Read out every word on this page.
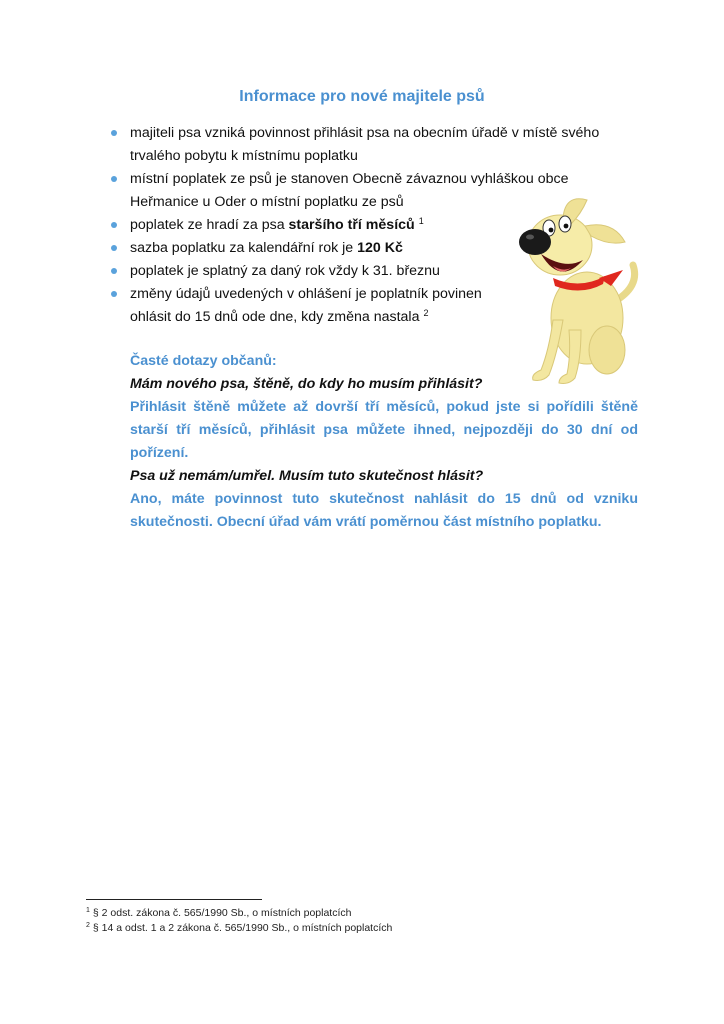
Informace pro nové majitele psů
majiteli psa vzniká povinnost přihlásit psa na obecním úřadě v místě svého trvalého pobytu k místnímu poplatku
místní poplatek ze psů je stanoven Obecně závaznou vyhláškou obce Heřmanice u Oder o místní poplatku ze psů
poplatek ze hradí za psa staršího tří měsíců $^1$
sazba poplatku za kalendářní rok je 120 Kč
poplatek je splatný za daný rok vždy k 31. březnu
změny údajů uvedených v ohlášení je poplatník povinen ohlásit do 15 dnů ode dne, kdy změna nastala $^2$

Časté dotazy občanů:

Mám nového psa, štěně, do kdy ho musím přihlásit?

Přihlásit štěně můžete až dovrší tří měsíců, pokud jste si pořídili štěně starší tří měsíců, přihlásit psa můžete ihned, nejpozději do 30 dní od pořízení.

Psa už nemám/umřel. Musím tuto skutečnost hlásit?

Ano, máte povinnost tuto skutečnost nahlásit do 15 dnů od vzniku skutečnosti. Obecní úřad vám vrátí poměrnou část místního poplatku.

$^1$ § 2 odst. zákona č. 565/1990 Sb., o místních poplatcích
$^2$ § 14 a odst. 1 a 2 zákona č. 565/1990 Sb., o místních poplatcích
